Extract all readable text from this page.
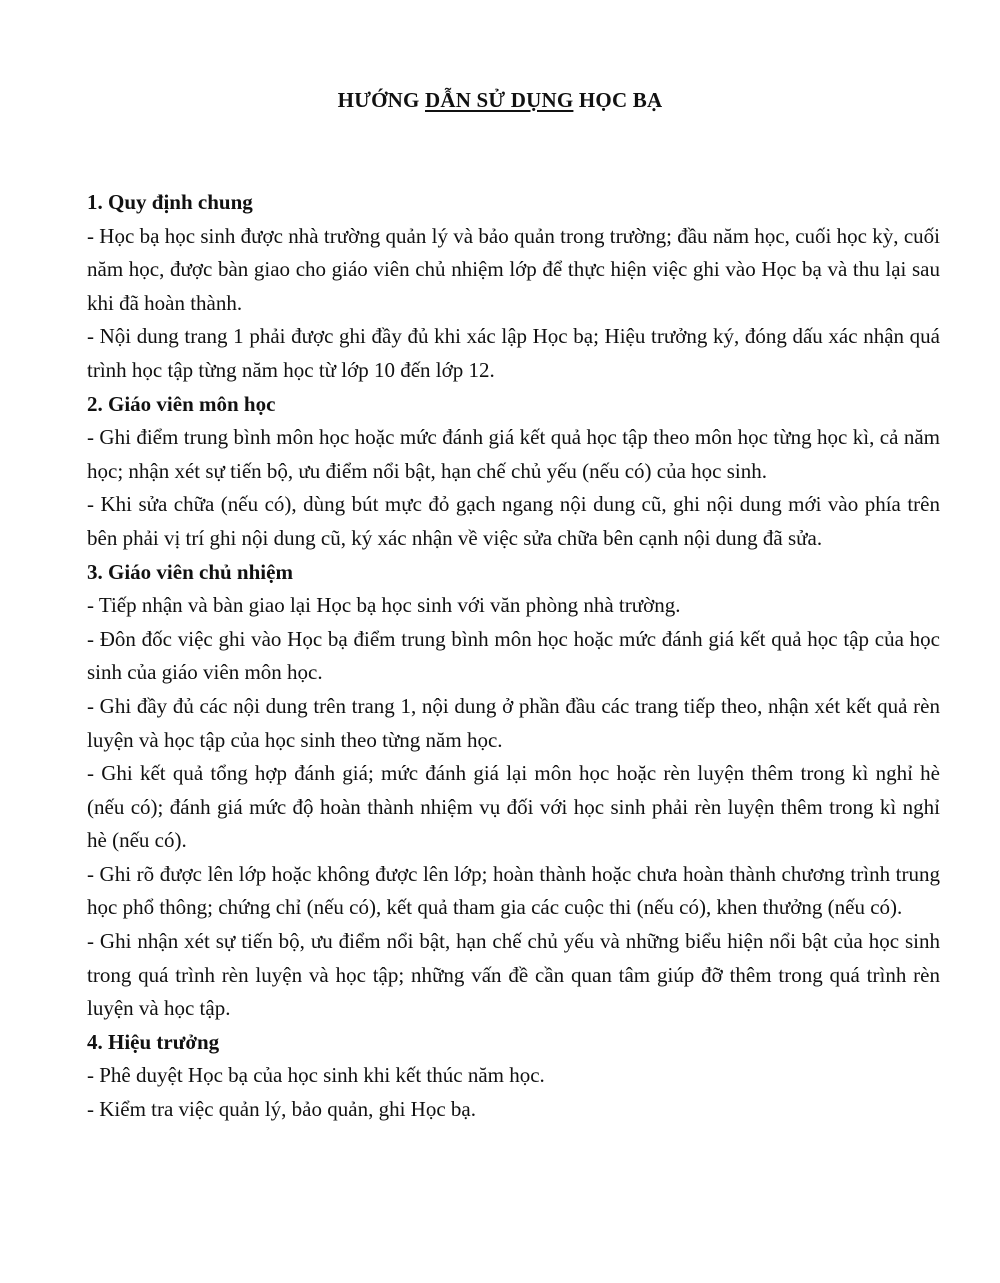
HƯỚNG DẪN SỬ DỤNG HỌC BẠ

1. Quy định chung

- Học bạ học sinh được nhà trường quản lý và bảo quản trong trường; đầu năm học, cuối học kỳ, cuối năm học, được bàn giao cho giáo viên chủ nhiệm lớp để thực hiện việc ghi vào Học bạ và thu lại sau khi đã hoàn thành.

- Nội dung trang 1 phải được ghi đầy đủ khi xác lập Học bạ; Hiệu trưởng ký, đóng dấu xác nhận quá trình học tập từng năm học từ lớp 10 đến lớp 12.

2. Giáo viên môn học

- Ghi điểm trung bình môn học hoặc mức đánh giá kết quả học tập theo môn học từng học kì, cả năm học; nhận xét sự tiến bộ, ưu điểm nổi bật, hạn chế chủ yếu (nếu có) của học sinh.

- Khi sửa chữa (nếu có), dùng bút mực đỏ gạch ngang nội dung cũ, ghi nội dung mới vào phía trên bên phải vị trí ghi nội dung cũ, ký xác nhận về việc sửa chữa bên cạnh nội dung đã sửa.

3. Giáo viên chủ nhiệm

- Tiếp nhận và bàn giao lại Học bạ học sinh với văn phòng nhà trường.

- Đôn đốc việc ghi vào Học bạ điểm trung bình môn học hoặc mức đánh giá kết quả học tập của học sinh của giáo viên môn học.

- Ghi đầy đủ các nội dung trên trang 1, nội dung ở phần đầu các trang tiếp theo, nhận xét kết quả rèn luyện và học tập của học sinh theo từng năm học.

- Ghi kết quả tổng hợp đánh giá; mức đánh giá lại môn học hoặc rèn luyện thêm trong kì nghỉ hè (nếu có); đánh giá mức độ hoàn thành nhiệm vụ đối với học sinh phải rèn luyện thêm trong kì nghỉ hè (nếu có).

- Ghi rõ được lên lớp hoặc không được lên lớp; hoàn thành hoặc chưa hoàn thành chương trình trung học phổ thông; chứng chỉ (nếu có), kết quả tham gia các cuộc thi (nếu có), khen thưởng (nếu có).

- Ghi nhận xét sự tiến bộ, ưu điểm nổi bật, hạn chế chủ yếu và những biểu hiện nổi bật của học sinh trong quá trình rèn luyện và học tập; những vấn đề cần quan tâm giúp đỡ thêm trong quá trình rèn luyện và học tập.

4. Hiệu trưởng

- Phê duyệt Học bạ của học sinh khi kết thúc năm học.

- Kiểm tra việc quản lý, bảo quản, ghi Học bạ.
